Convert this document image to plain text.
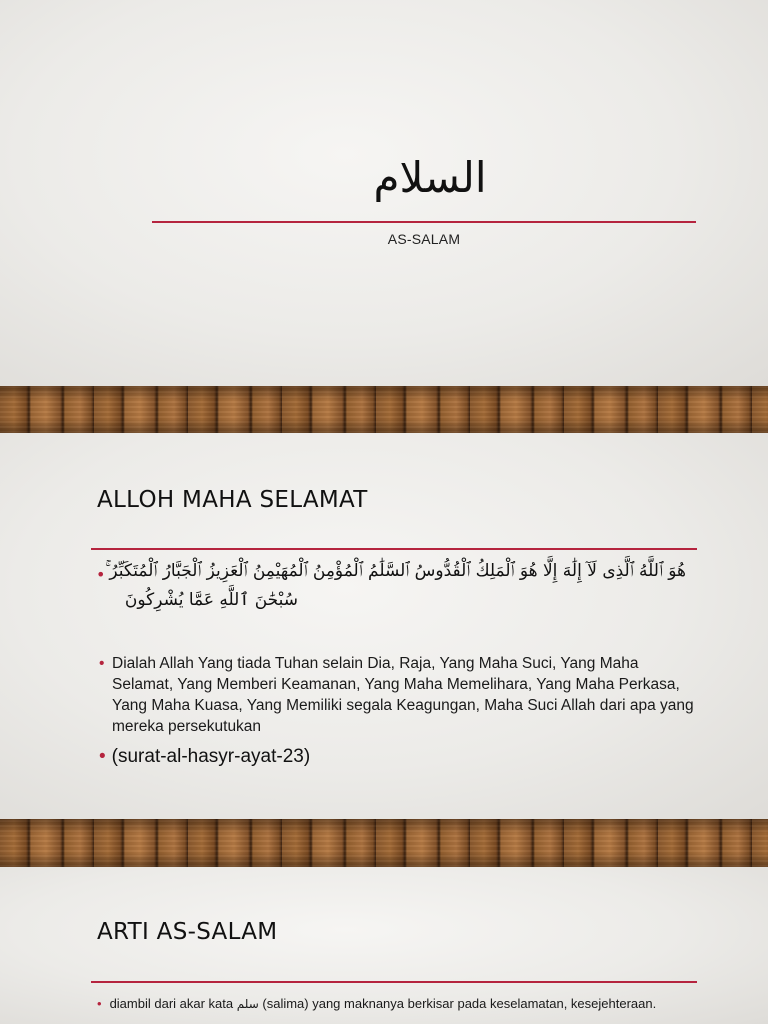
السلام
AS-SALAM
ALLOH MAHA SELAMAT
• هُوَ ٱللَّهُ ٱلَّذِى لَآ إِلَٰهَ إِلَّا هُوَ ٱلْمَلِكُ ٱلْقُدُّوسُ ٱلسَّلَٰمُ ٱلْمُؤْمِنُ ٱلْمُهَيْمِنُ ٱلْعَزِيزُ ٱلْجَبَّارُ ٱلْمُتَكَبِّرُ ۚ
سُبْحَٰنَ ٱللَّهِ عَمَّا يُشْرِكُونَ
• Dialah Allah Yang tiada Tuhan selain Dia, Raja, Yang Maha Suci, Yang Maha Selamat, Yang Memberi Keamanan, Yang Maha Memelihara, Yang Maha Perkasa, Yang Maha Kuasa, Yang Memiliki segala Keagungan, Maha Suci Allah dari apa yang mereka persekutukan
• (surat-al-hasyr-ayat-23)
ARTI AS-SALAM
• diambil dari akar kata سلم (salima) yang maknanya berkisar pada keselamatan, kesejehteraan.
